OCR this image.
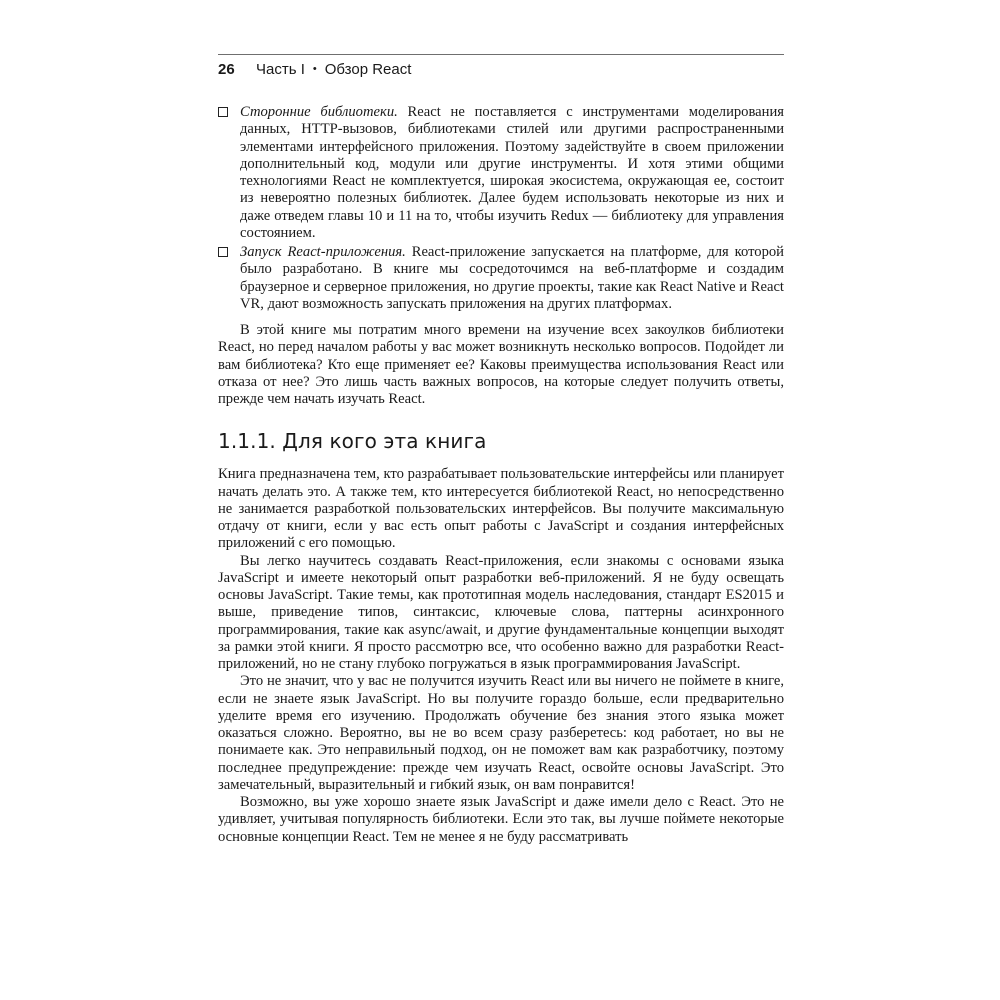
26	Часть I • Обзор React
Сторонние библиотеки. React не поставляется с инструментами моделирования данных, HTTP-вызовов, библиотеками стилей или другими распространенными элементами интерфейсного приложения. Поэтому задействуйте в своем приложении дополнительный код, модули или другие инструменты. И хотя этими общими технологиями React не комплектуется, широкая экосистема, окружающая ее, состоит из невероятно полезных библиотек. Далее будем использовать некоторые из них и даже отведем главы 10 и 11 на то, чтобы изучить Redux — библиотеку для управления состоянием.
Запуск React-приложения. React-приложение запускается на платформе, для которой было разработано. В книге мы сосредоточимся на веб-платформе и создадим браузерное и серверное приложения, но другие проекты, такие как React Native и React VR, дают возможность запускать приложения на других платформах.

В этой книге мы потратим много времени на изучение всех закоулков библиотеки React, но перед началом работы у вас может возникнуть несколько вопросов. Подойдет ли вам библиотека? Кто еще применяет ее? Каковы преимущества использования React или отказа от нее? Это лишь часть важных вопросов, на которые следует получить ответы, прежде чем начать изучать React.

1.1.1. Для кого эта книга

Книга предназначена тем, кто разрабатывает пользовательские интерфейсы или планирует начать делать это. А также тем, кто интересуется библиотекой React, но непосредственно не занимается разработкой пользовательских интерфейсов. Вы получите максимальную отдачу от книги, если у вас есть опыт работы с JavaScript и создания интерфейсных приложений с его помощью.

Вы легко научитесь создавать React-приложения, если знакомы с основами языка JavaScript и имеете некоторый опыт разработки веб-приложений. Я не буду освещать основы JavaScript. Такие темы, как прототипная модель наследования, стандарт ES2015 и выше, приведение типов, синтаксис, ключевые слова, паттерны асинхронного программирования, такие как async/await, и другие фундаментальные концепции выходят за рамки этой книги. Я просто рассмотрю все, что особенно важно для разработки React-приложений, но не стану глубоко погружаться в язык программирования JavaScript.

Это не значит, что у вас не получится изучить React или вы ничего не поймете в книге, если не знаете язык JavaScript. Но вы получите гораздо больше, если предварительно уделите время его изучению. Продолжать обучение без знания этого языка может оказаться сложно. Вероятно, вы не во всем сразу разберетесь: код работает, но вы не понимаете как. Это неправильный подход, он не поможет вам как разработчику, поэтому последнее предупреждение: прежде чем изучать React, освойте основы JavaScript. Это замечательный, выразительный и гибкий язык, он вам понравится!

Возможно, вы уже хорошо знаете язык JavaScript и даже имели дело с React. Это не удивляет, учитывая популярность библиотеки. Если это так, вы лучше поймете некоторые основные концепции React. Тем не менее я не буду рассматривать
